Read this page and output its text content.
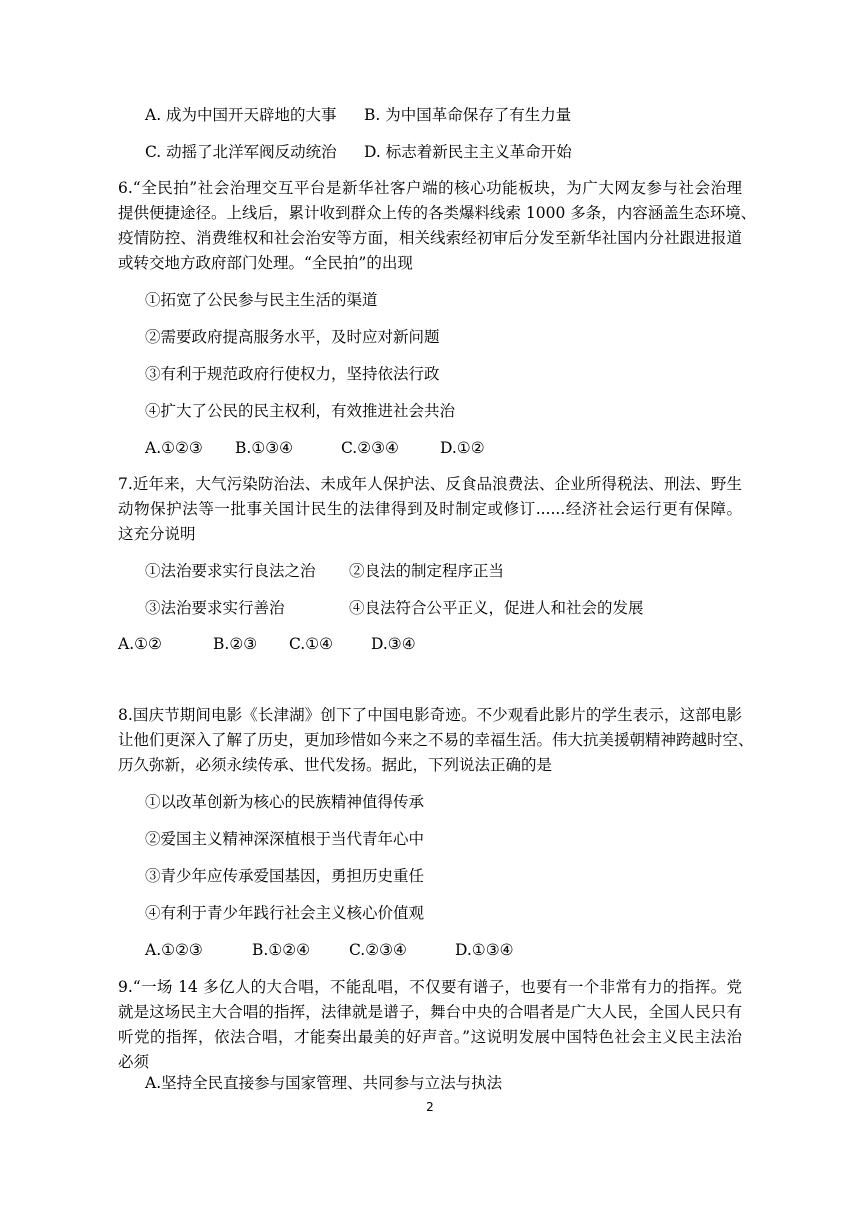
A. 成为中国开天辟地的大事 B. 为中国革命保存了有生力量
C. 动摇了北洋军阀反动统治 D. 标志着新民主主义革命开始
6.“全民拍”社会治理交互平台是新华社客户端的核心功能板块，为广大网友参与社会治理
提供便捷途径。上线后，累计收到群众上传的各类爆料线索 1000 多条，内容涵盖生态环境、
疫情防控、消费维权和社会治安等方面，相关线索经初审后分发至新华社国内分社跟进报道
或转交地方政府部门处理。“全民拍”的出现
①拓宽了公民参与民主生活的渠道
②需要政府提高服务水平，及时应对新问题
③有利于规范政府行使权力，坚持依法行政
④扩大了公民的民主权利，有效推进社会共治
A.①②③ B.①③④	C.②③④	D.①②
7.近年来，大气污染防治法、未成年人保护法、反食品浪费法、企业所得税法、刑法、野生
动物保护法等一批事关国计民生的法律得到及时制定或修订......经济社会运行更有保障。
这充分说明
①法治要求实行良法之治 ②良法的制定程序正当
③法治要求实行善治	④良法符合公平正义，促进人和社会的发展
A.①②	B.②③ C.①④ D.③④
8.国庆节期间电影《长津湖》创下了中国电影奇迹。不少观看此影片的学生表示，这部电影
让他们更深入了解了历史，更加珍惜如今来之不易的幸福生活。伟大抗美援朝精神跨越时空、
历久弥新，必须永续传承、世代发扬。据此，下列说法正确的是
①以改革创新为核心的民族精神值得传承
②爱国主义精神深深植根于当代青年心中
③青少年应传承爱国基因，勇担历史重任
④有利于青少年践行社会主义核心价值观
A.①②③	B.①②④	C.②③④	D.①③④
9.“一场 14 多亿人的大合唱，不能乱唱，不仅要有谱子，也要有一个非常有力的指挥。党
就是这场民主大合唱的指挥，法律就是谱子，舞台中央的合唱者是广大人民，全国人民只有
听党的指挥，依法合唱，才能奏出最美的好声音。”这说明发展中国特色社会主义民主法治
必须
A.坚持全民直接参与国家管理、共同参与立法与执法
2
